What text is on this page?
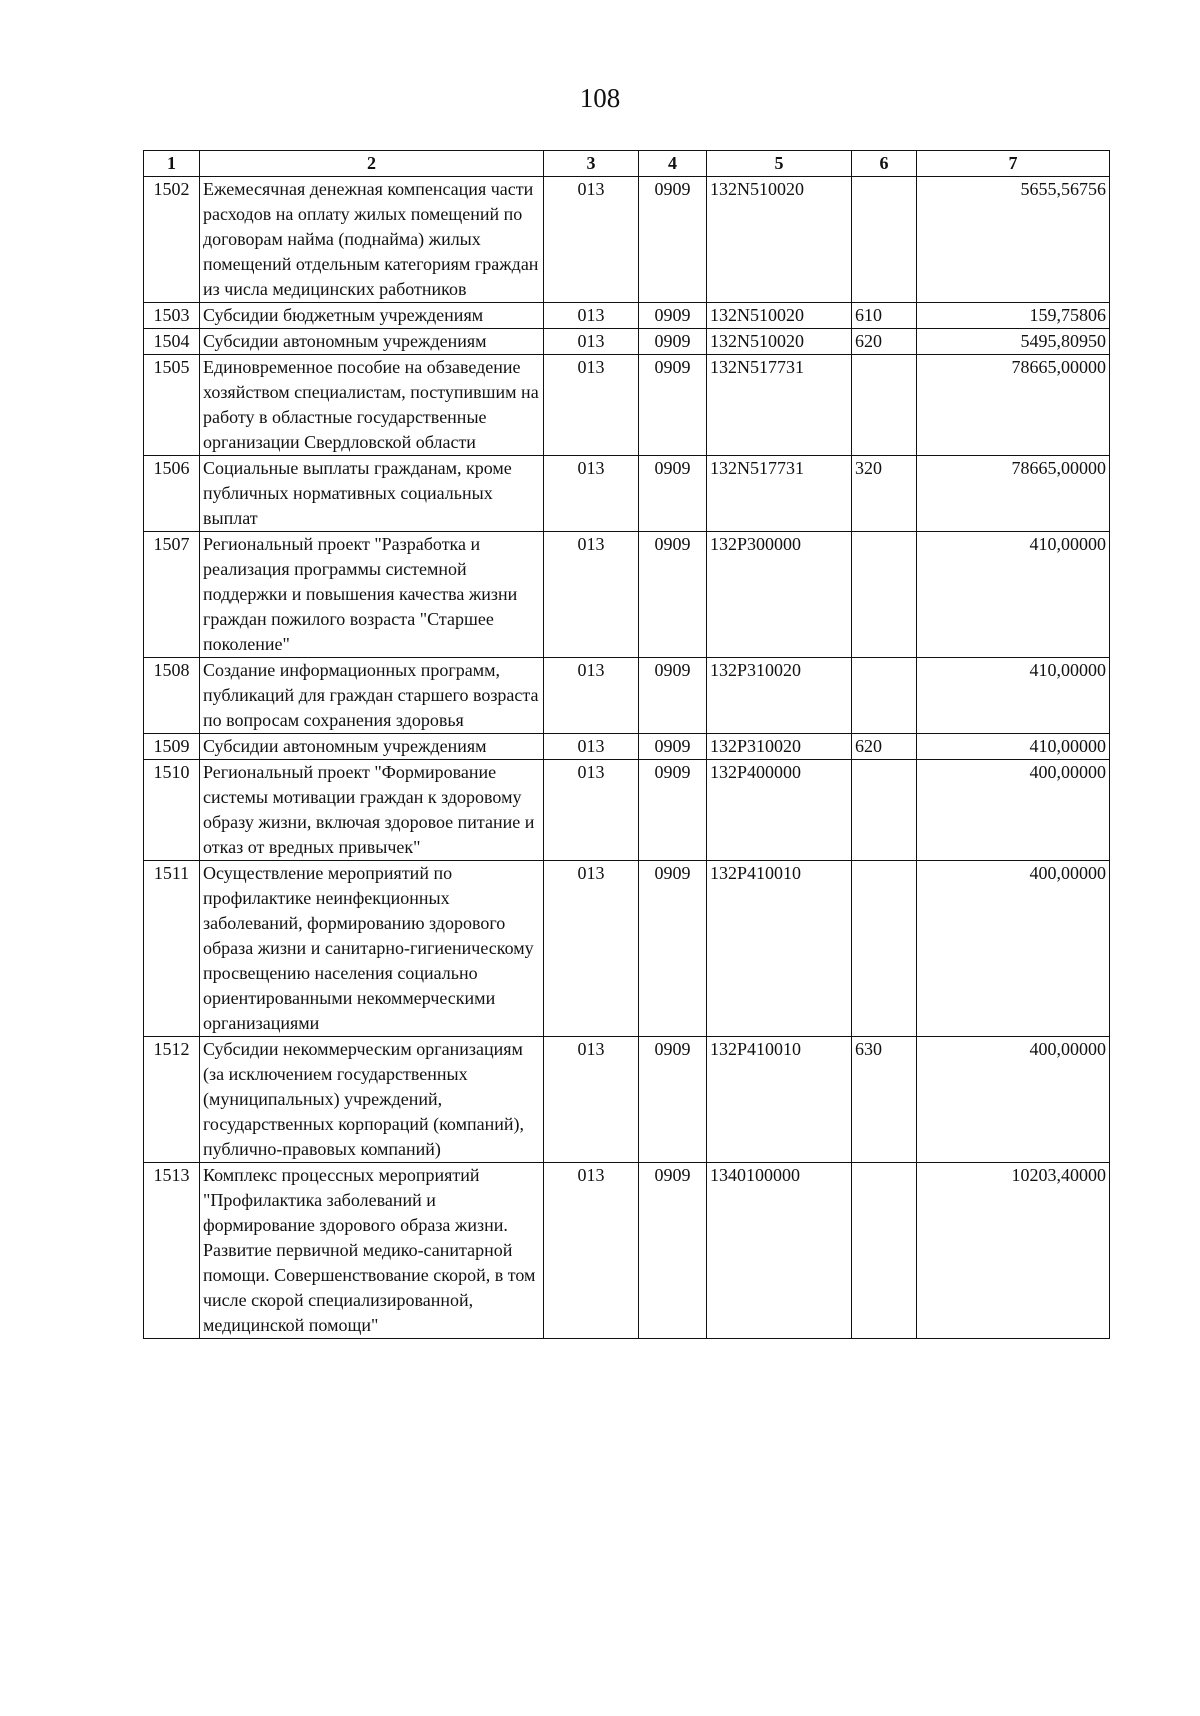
108
1	2	3	4	5	6	7
1502	Ежемесячная денежная компенсация части расходов на оплату жилых помещений по договорам найма (поднайма) жилых помещений отдельным категориям граждан из числа медицинских работников	013	0909	132N510020		5655,56756
1503	Субсидии бюджетным учреждениям	013	0909	132N510020	610	159,75806
1504	Субсидии автономным учреждениям	013	0909	132N510020	620	5495,80950
1505	Единовременное пособие на обзаведение хозяйством специалистам, поступившим на работу в областные государственные организации Свердловской области	013	0909	132N517731		78665,00000
1506	Социальные выплаты гражданам, кроме публичных нормативных социальных выплат	013	0909	132N517731	320	78665,00000
1507	Региональный проект "Разработка и реализация программы системной поддержки и повышения качества жизни граждан пожилого возраста "Старшее поколение"	013	0909	132P300000		410,00000
1508	Создание информационных программ, публикаций для граждан старшего возраста по вопросам сохранения здоровья	013	0909	132P310020		410,00000
1509	Субсидии автономным учреждениям	013	0909	132P310020	620	410,00000
1510	Региональный проект "Формирование системы мотивации граждан к здоровому образу жизни, включая здоровое питание и отказ от вредных привычек"	013	0909	132P400000		400,00000
1511	Осуществление мероприятий по профилактике неинфекционных заболеваний, формированию здорового образа жизни и санитарно-гигиеническому просвещению населения социально ориентированными некоммерческими организациями	013	0909	132P410010		400,00000
1512	Субсидии некоммерческим организациям (за исключением государственных (муниципальных) учреждений, государственных корпораций (компаний), публично-правовых компаний)	013	0909	132P410010	630	400,00000
1513	Комплекс процессных мероприятий "Профилактика заболеваний и формирование здорового образа жизни. Развитие первичной медико-санитарной помощи. Совершенствование скорой, в том числе скорой специализированной, медицинской помощи"	013	0909	1340100000		10203,40000
